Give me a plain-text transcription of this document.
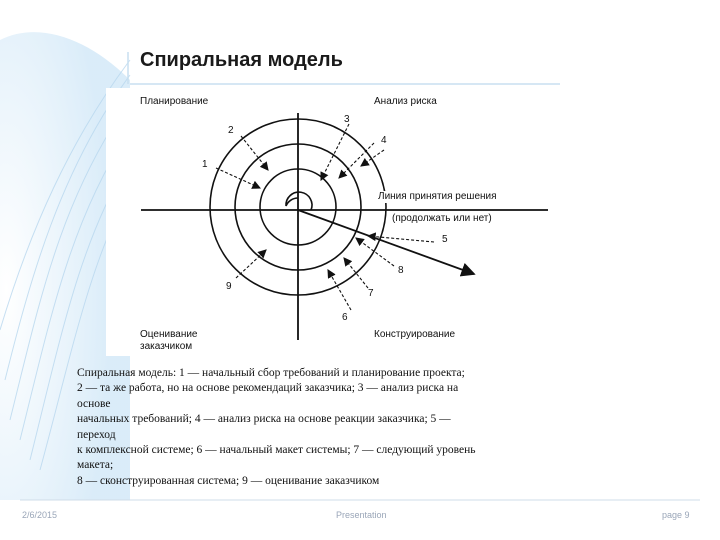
Спиральная модель
Планирование	Анализ риска
Оценивание
заказчиком
Конструирование
Линия принятия решения
(продолжать или нет)
1
2
3
4
5
6
7
8
9
Спиральная модель: 1 — начальный сбор требований и планирование проекта;
2 — та же работа, но на основе рекомендаций заказчика; 3 — анализ риска на
основе
начальных требований; 4 — анализ риска на основе реакции заказчика; 5 —
переход
к комплексной системе; 6 — начальный макет системы; 7 — следующий уровень
макета;
8 — сконструированная система; 9 — оценивание заказчиком
2/6/2015	Presentation	page 9
